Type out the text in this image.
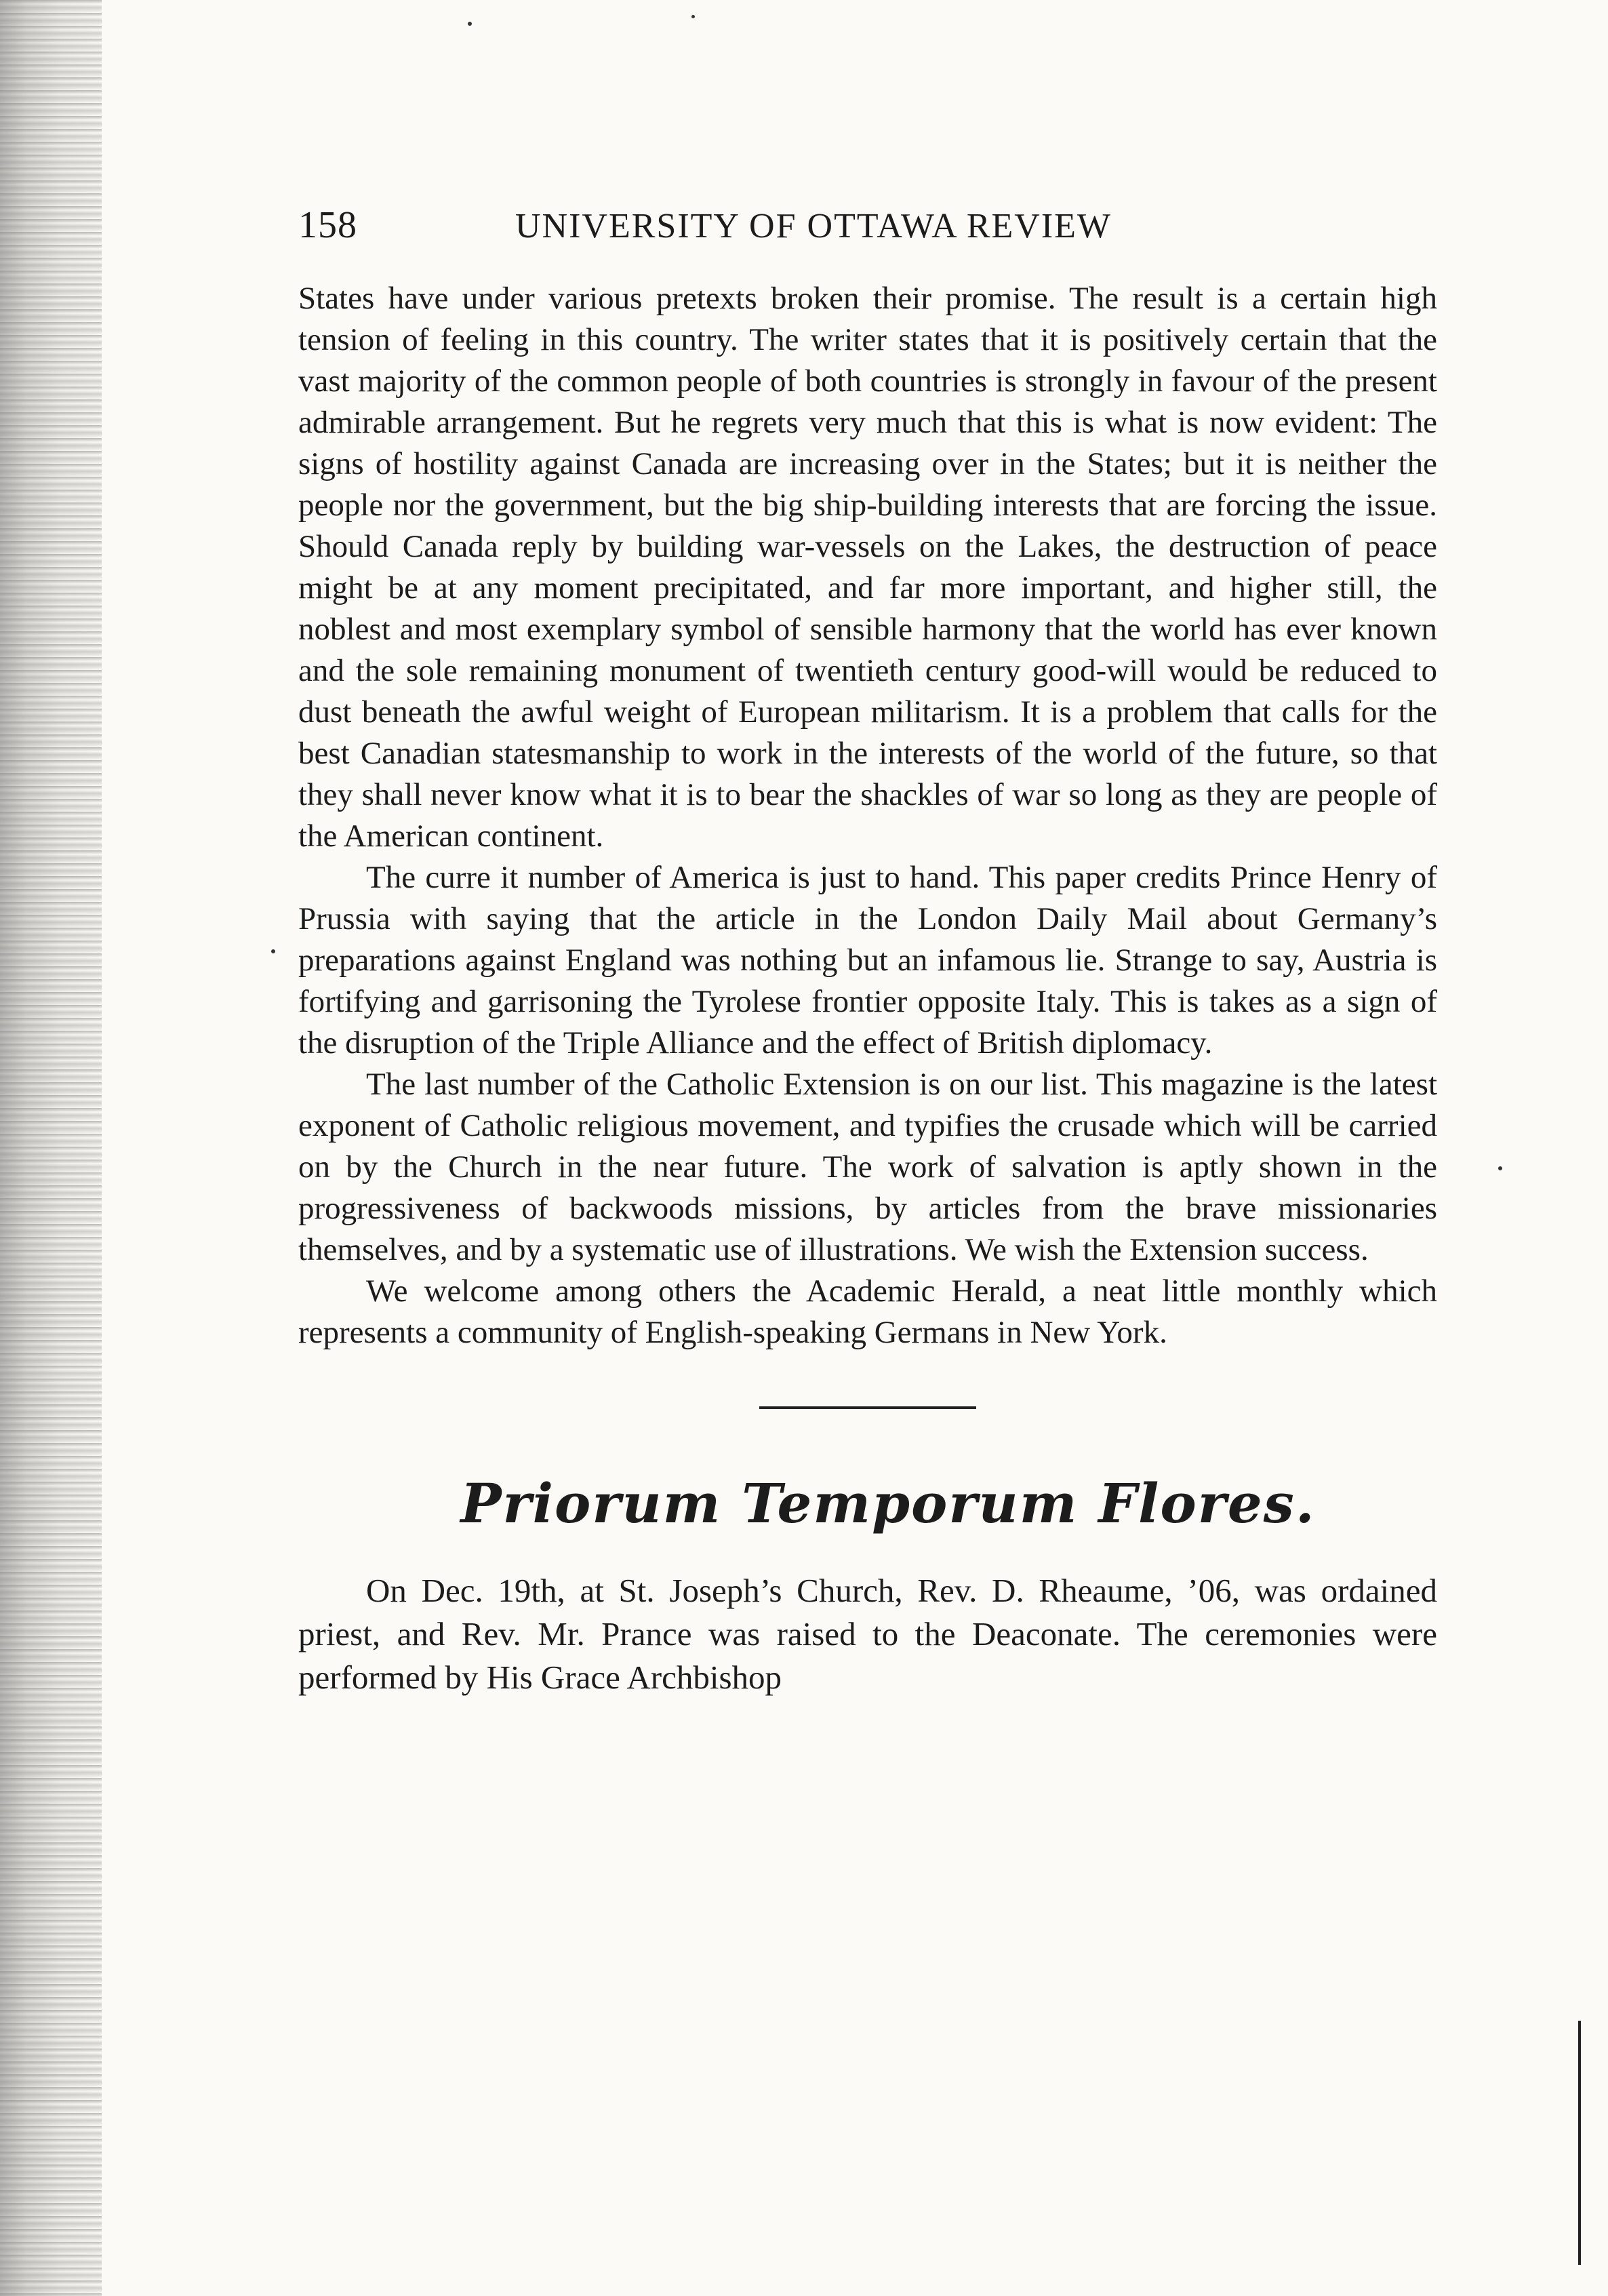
158	UNIVERSITY OF OTTAWA REVIEW

States have under various pretexts broken their promise. The result is a certain high tension of feeling in this country. The writer states that it is positively certain that the vast majority of the common people of both countries is strongly in favour of the present admirable arrangement. But he regrets very much that this is what is now evident: The signs of hostility against Canada are increasing over in the States; but it is neither the people nor the government, but the big ship-building interests that are forcing the issue. Should Canada reply by building war-vessels on the Lakes, the destruction of peace might be at any moment precipitated, and far more important, and higher still, the noblest and most exemplary symbol of sensible harmony that the world has ever known and the sole remaining monument of twentieth century good-will would be reduced to dust beneath the awful weight of European militarism. It is a problem that calls for the best Canadian statesmanship to work in the interests of the world of the future, so that they shall never know what it is to bear the shackles of war so long as they are people of the American continent.

The curre it number of America is just to hand. This paper credits Prince Henry of Prussia with saying that the article in the London Daily Mail about Germany’s preparations against England was nothing but an infamous lie. Strange to say, Austria is fortifying and garrisoning the Tyrolese frontier opposite Italy. This is takes as a sign of the disruption of the Triple Alliance and the effect of British diplomacy.

The last number of the Catholic Extension is on our list. This magazine is the latest exponent of Catholic religious movement, and typifies the crusade which will be carried on by the Church in the near future. The work of salvation is aptly shown in the progressiveness of backwoods missions, by articles from the brave missionaries themselves, and by a systematic use of illustrations. We wish the Extension success.

We welcome among others the Academic Herald, a neat little monthly which represents a community of English-speaking Germans in New York.

Priorum Temporum Flores.

On Dec. 19th, at St. Joseph’s Church, Rev. D. Rheaume, ’06, was ordained priest, and Rev. Mr. Prance was raised to the Deaconate. The ceremonies were performed by His Grace Archbishop
